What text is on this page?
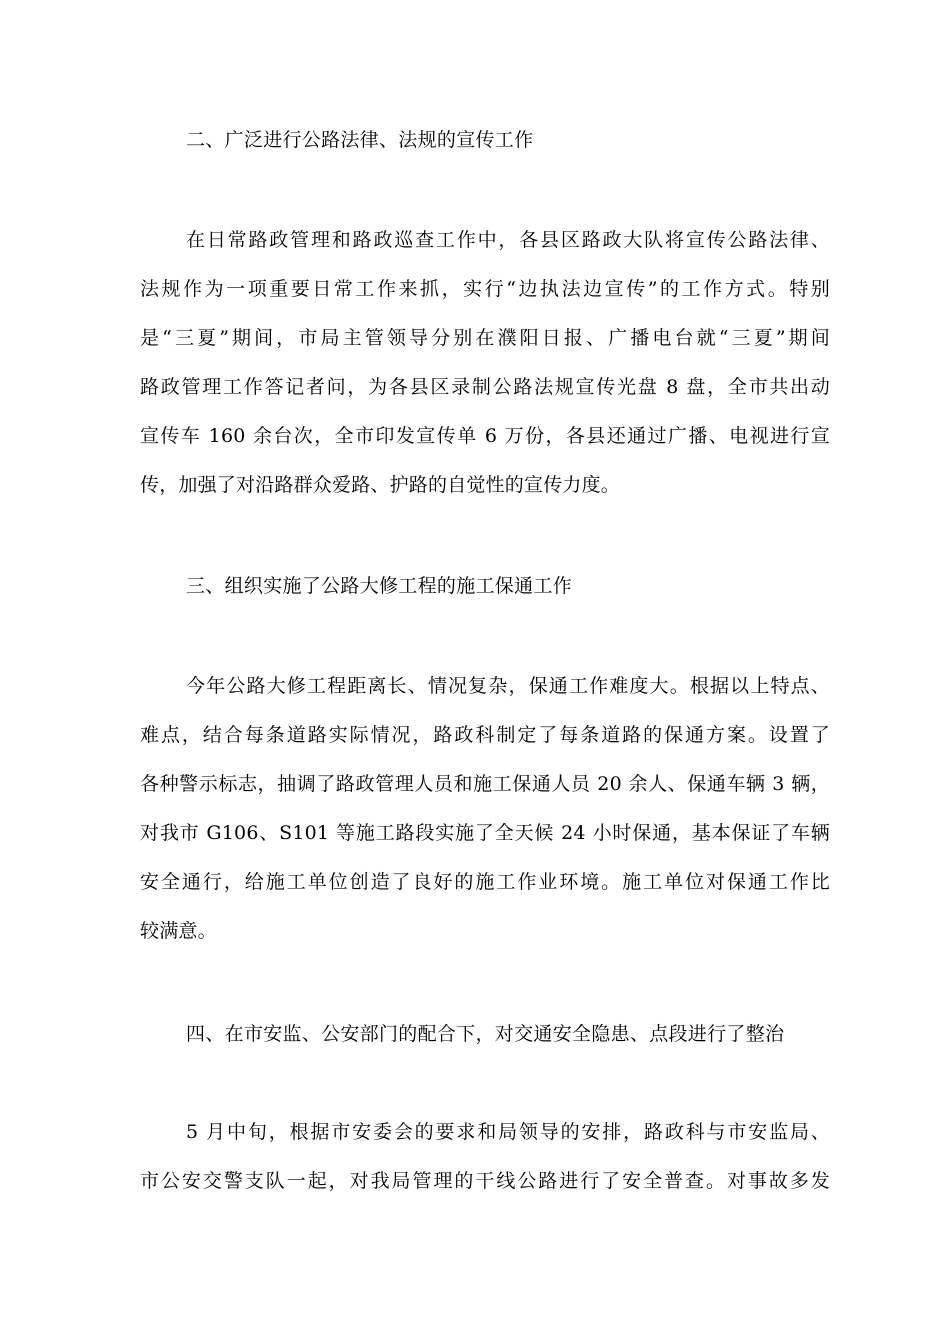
二、广泛进行公路法律、法规的宣传工作
在日常路政管理和路政巡查工作中，各县区路政大队将宣传公路法律、
法规作为一项重要日常工作来抓，实行“边执法边宣传”的工作方式。特别
是“三夏”期间，市局主管领导分别在濮阳日报、广播电台就“三夏”期间
路政管理工作答记者问，为各县区录制公路法规宣传光盘 8 盘，全市共出动
宣传车 160 余台次，全市印发宣传单 6 万份，各县还通过广播、电视进行宣
传，加强了对沿路群众爱路、护路的自觉性的宣传力度。
三、组织实施了公路大修工程的施工保通工作
今年公路大修工程距离长、情况复杂，保通工作难度大。根据以上特点、
难点，结合每条道路实际情况，路政科制定了每条道路的保通方案。设置了
各种警示标志，抽调了路政管理人员和施工保通人员 20 余人、保通车辆 3 辆，
对我市 G106、S101 等施工路段实施了全天候 24 小时保通，基本保证了车辆
安全通行，给施工单位创造了良好的施工作业环境。施工单位对保通工作比
较满意。
四、在市安监、公安部门的配合下，对交通安全隐患、点段进行了整治
5 月中旬，根据市安委会的要求和局领导的安排，路政科与市安监局、
市公安交警支队一起，对我局管理的干线公路进行了安全普查。对事故多发
